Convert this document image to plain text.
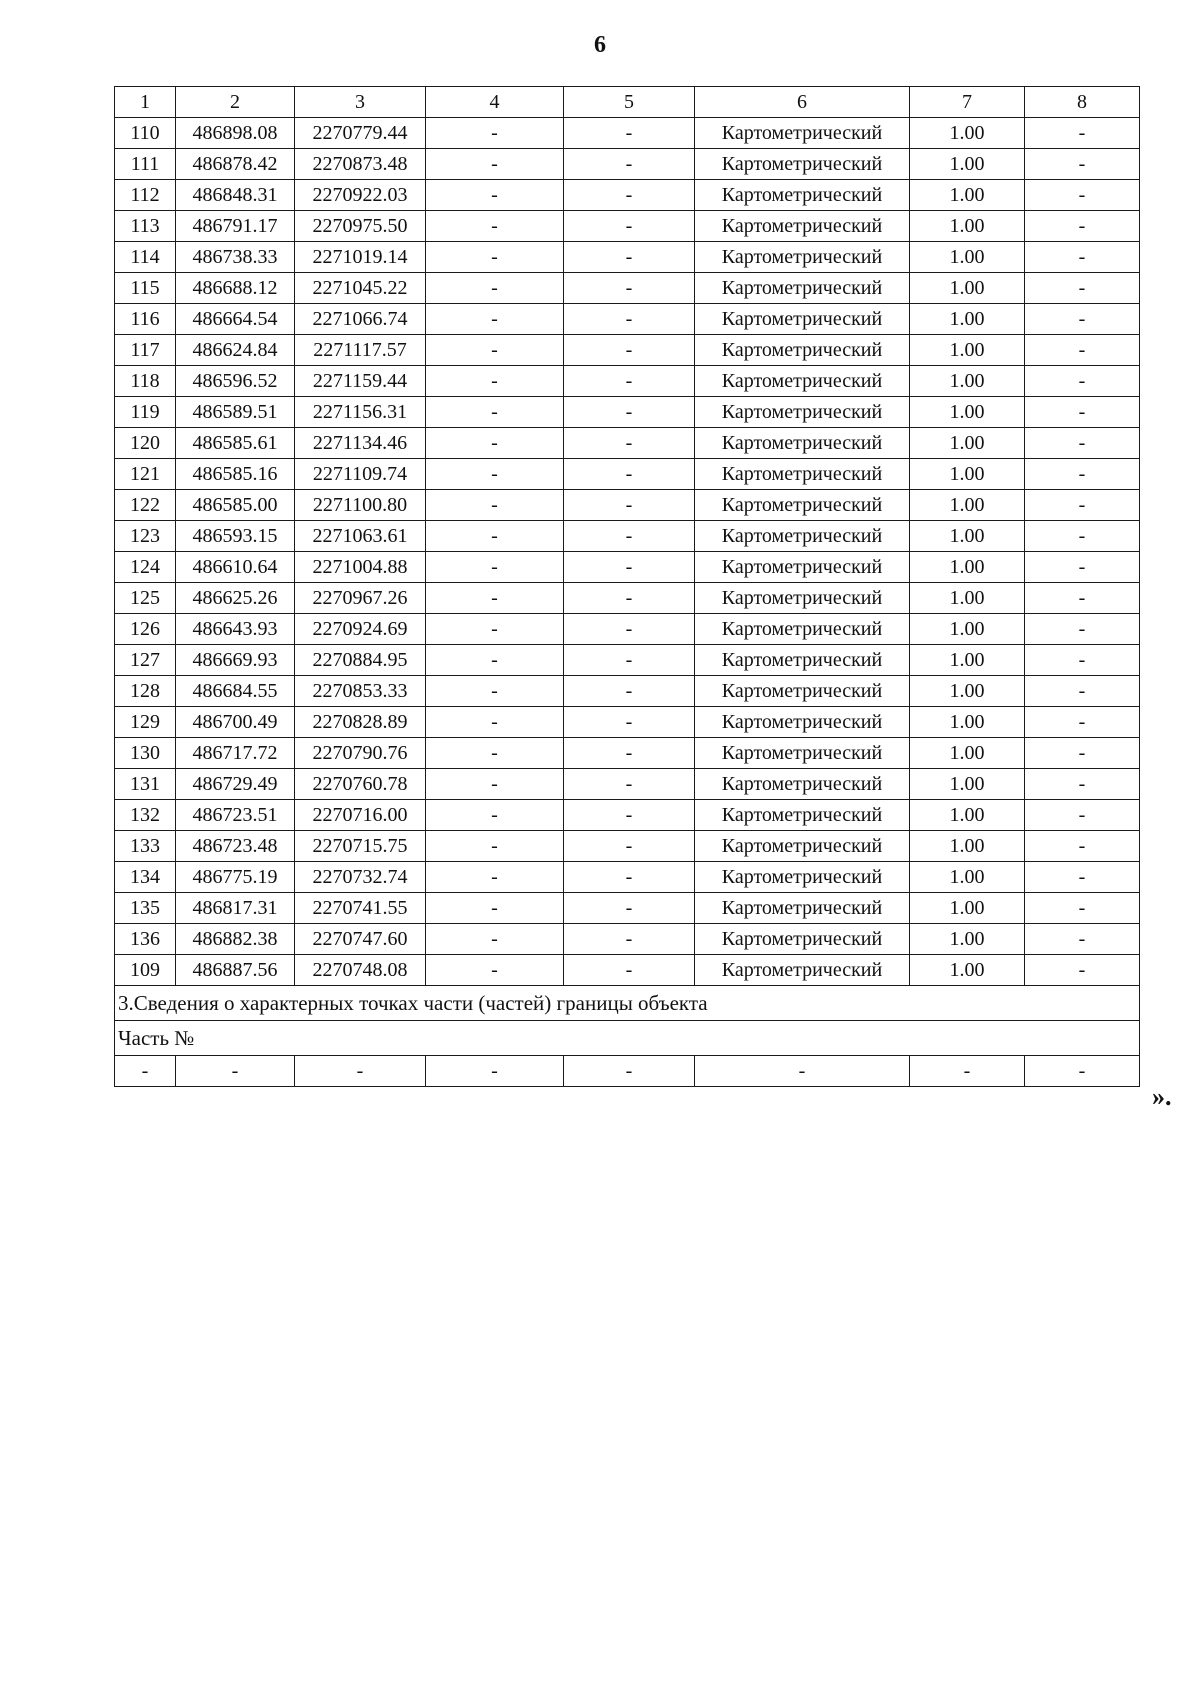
6
1	2	3	4	5	6	7	8
110	486898.08	2270779.44	-	-	Картометрический	1.00	-
111	486878.42	2270873.48	-	-	Картометрический	1.00	-
112	486848.31	2270922.03	-	-	Картометрический	1.00	-
113	486791.17	2270975.50	-	-	Картометрический	1.00	-
114	486738.33	2271019.14	-	-	Картометрический	1.00	-
115	486688.12	2271045.22	-	-	Картометрический	1.00	-
116	486664.54	2271066.74	-	-	Картометрический	1.00	-
117	486624.84	2271117.57	-	-	Картометрический	1.00	-
118	486596.52	2271159.44	-	-	Картометрический	1.00	-
119	486589.51	2271156.31	-	-	Картометрический	1.00	-
120	486585.61	2271134.46	-	-	Картометрический	1.00	-
121	486585.16	2271109.74	-	-	Картометрический	1.00	-
122	486585.00	2271100.80	-	-	Картометрический	1.00	-
123	486593.15	2271063.61	-	-	Картометрический	1.00	-
124	486610.64	2271004.88	-	-	Картометрический	1.00	-
125	486625.26	2270967.26	-	-	Картометрический	1.00	-
126	486643.93	2270924.69	-	-	Картометрический	1.00	-
127	486669.93	2270884.95	-	-	Картометрический	1.00	-
128	486684.55	2270853.33	-	-	Картометрический	1.00	-
129	486700.49	2270828.89	-	-	Картометрический	1.00	-
130	486717.72	2270790.76	-	-	Картометрический	1.00	-
131	486729.49	2270760.78	-	-	Картометрический	1.00	-
132	486723.51	2270716.00	-	-	Картометрический	1.00	-
133	486723.48	2270715.75	-	-	Картометрический	1.00	-
134	486775.19	2270732.74	-	-	Картометрический	1.00	-
135	486817.31	2270741.55	-	-	Картометрический	1.00	-
136	486882.38	2270747.60	-	-	Картометрический	1.00	-
109	486887.56	2270748.08	-	-	Картометрический	1.00	-
3.Сведения о характерных точках части (частей) границы объекта							
Часть №							
-	-	-	-	-	-	-	-
».
